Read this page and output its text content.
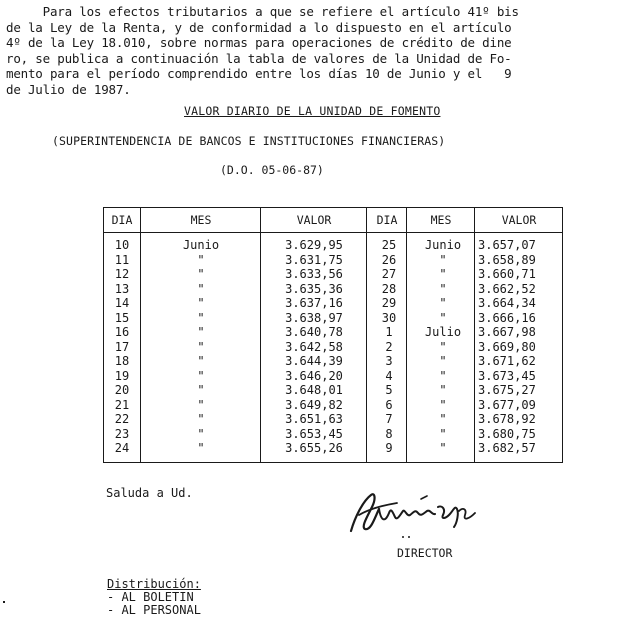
Para los efectos tributarios a que se refiere el artículo 41º bis
de la Ley de la Renta, y de conformidad a lo dispuesto en el artículo
4º de la Ley 18.010, sobre normas para operaciones de crédito de dine
ro, se publica a continuación la tabla de valores de la Unidad de Fo-
mento para el período comprendido entre los días 10 de Junio y el   9
de Julio de 1987.
VALOR DIARIO DE LA UNIDAD DE FOMENTO
(SUPERINTENDENCIA DE BANCOS E INSTITUCIONES FINANCIERAS)
(D.O. 05-06-87)
DIA	MES	VALOR	DIA	MES	VALOR
10	Junio	3.629,95	25	Junio	3.657,07
11	"	3.631,75	26	"	3.658,89
12	"	3.633,56	27	"	3.660,71
13	"	3.635,36	28	"	3.662,52
14	"	3.637,16	29	"	3.664,34
15	"	3.638,97	30	"	3.666,16
16	"	3.640,78	1	Julio	3.667,98
17	"	3.642,58	2	"	3.669,80
18	"	3.644,39	3	"	3.671,62
19	"	3.646,20	4	"	3.673,45
20	"	3.648,01	5	"	3.675,27
21	"	3.649,82	6	"	3.677,09
22	"	3.651,63	7	"	3.678,92
23	"	3.653,45	8	"	3.680,75
24	"	3.655,26	9	"	3.682,57
Saluda a Ud.
DIRECTOR
Distribución:
- AL BOLETIN
- AL PERSONAL
